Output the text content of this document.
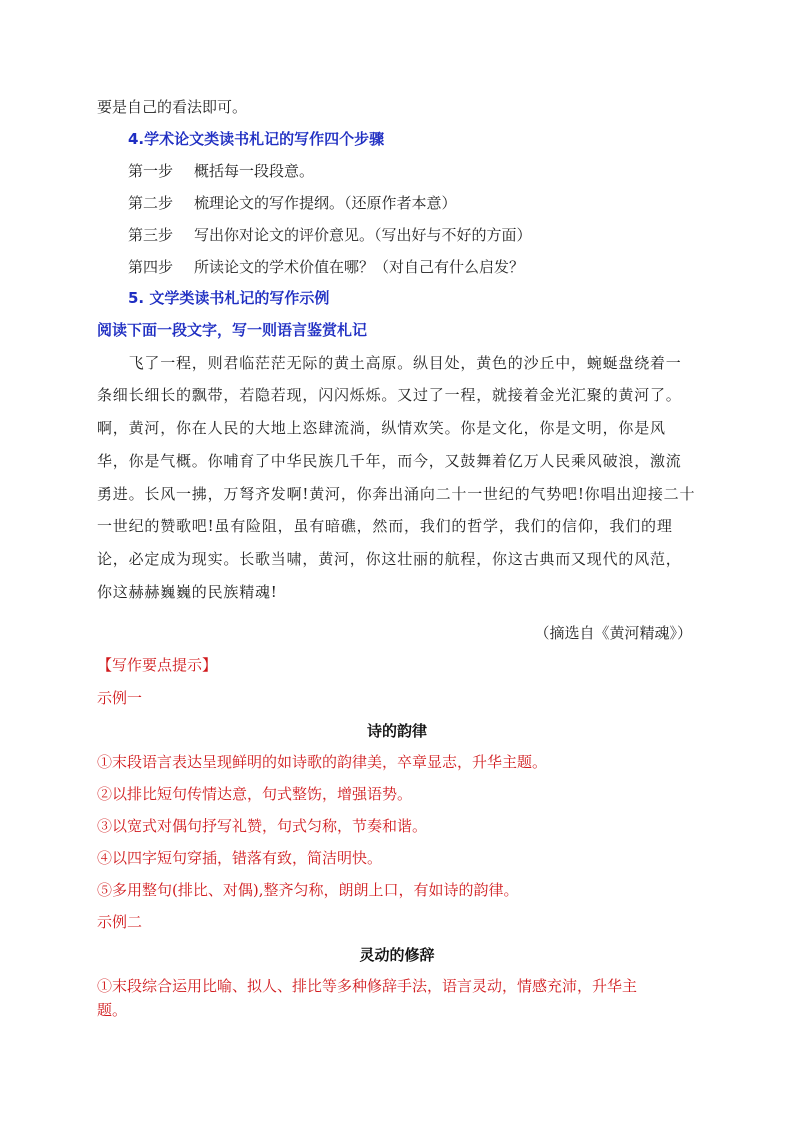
要是自己的看法即可。
4.学术论文类读书札记的写作四个步骤
第一步 概括每一段段意。
第二步 梳理论文的写作提纲。（还原作者本意）
第三步 写出你对论文的评价意见。（写出好与不好的方面）
第四步 所读论文的学术价值在哪？（对自己有什么启发？
5. 文学类读书札记的写作示例
阅读下面一段文字，写一则语言鉴赏札记
　　飞了一程，则君临茫茫无际的黄土高原。纵目处，黄色的沙丘中，蜿蜒盘绕着一
条细长细长的飘带，若隐若现，闪闪烁烁。又过了一程，就接着金光汇聚的黄河了。
啊，黄河，你在人民的大地上恣肆流淌，纵情欢笑。你是文化，你是文明，你是风
华，你是气概。你哺育了中华民族几千年，而今，又鼓舞着亿万人民乘风破浪，激流
勇进。长风一拂，万弩齐发啊!黄河，你奔出涌向二十一世纪的气势吧!你唱出迎接二十
一世纪的赞歌吧!虽有险阻，虽有暗礁，然而，我们的哲学，我们的信仰，我们的理
论，必定成为现实。长歌当啸，黄河，你这壮丽的航程，你这古典而又现代的风范，
你这赫赫巍巍的民族精魂!
（摘选自《黄河精魂》）
【写作要点提示】
示例一
诗的韵律
①末段语言表达呈现鲜明的如诗歌的韵律美，卒章显志，升华主题。
②以排比短句传情达意，句式整饬，增强语势。
③以宽式对偶句抒写礼赞，句式匀称，节奏和谐。
④以四字短句穿插，错落有致，简洁明快。
⑤多用整句(排比、对偶),整齐匀称，朗朗上口，有如诗的韵律。
示例二
灵动的修辞
①末段综合运用比喻、拟人、排比等多种修辞手法，语言灵动，情感充沛，升华主
题。
